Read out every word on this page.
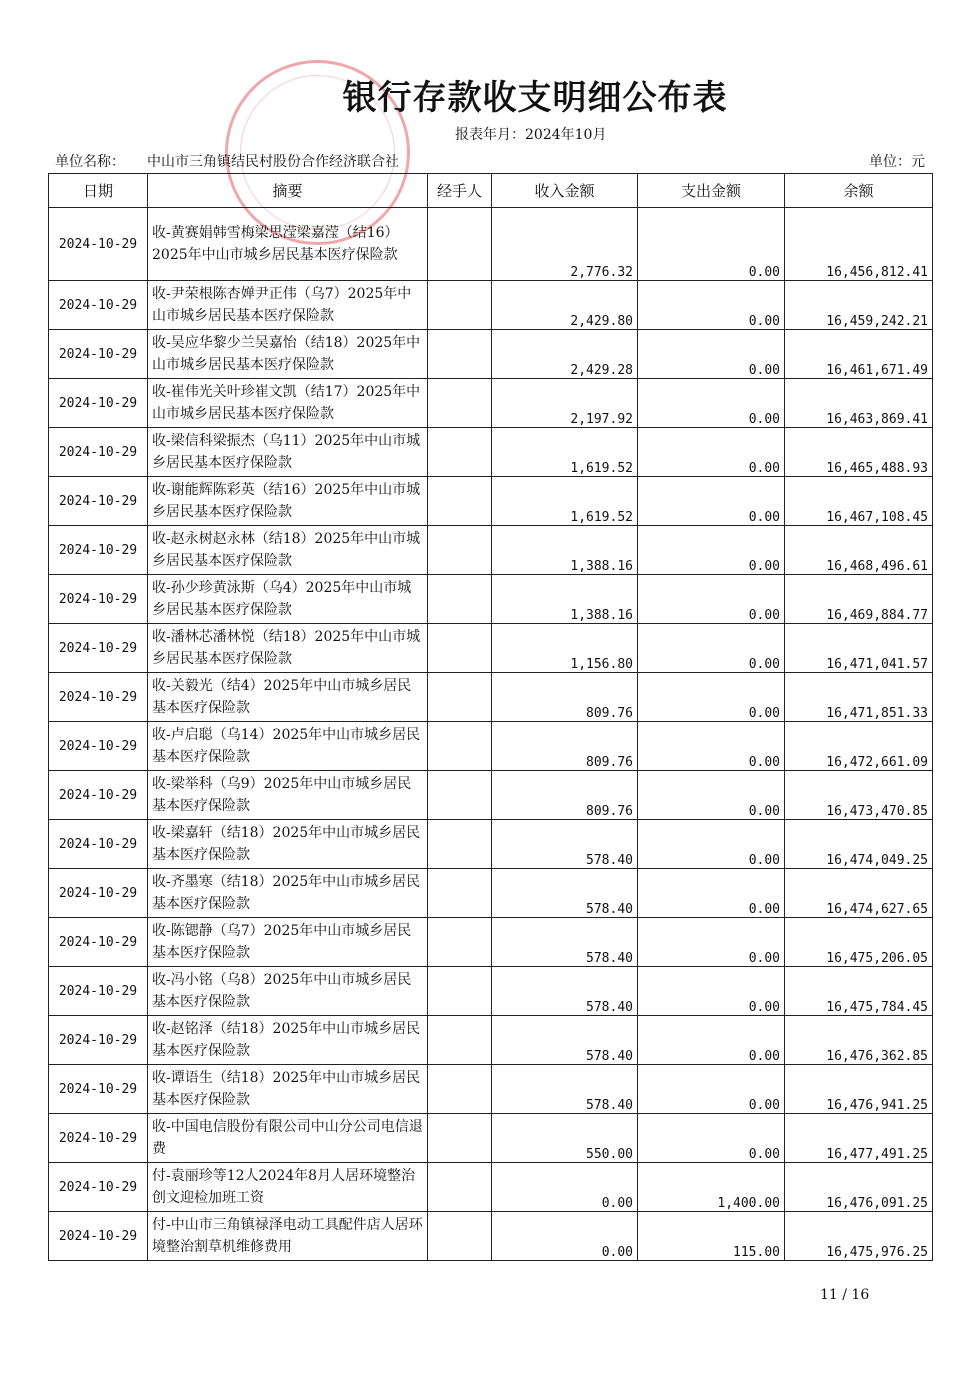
银行存款收支明细公布表
报表年月：2024年10月
单位名称： 中山市三角镇结民村股份合作经济联合社	单位：元
日期	摘要	经手人	收入金额	支出金额	余额
2024-10-29	收-黄赛娟韩雪梅梁思滢梁嘉滢（结16）2025年中山市城乡居民基本医疗保险款		2,776.32	0.00	16,456,812.41
2024-10-29	收-尹荣根陈杏婵尹正伟（乌7）2025年中山市城乡居民基本医疗保险款		2,429.80	0.00	16,459,242.21
2024-10-29	收-吴应华黎少兰吴嘉怡（结18）2025年中山市城乡居民基本医疗保险款		2,429.28	0.00	16,461,671.49
2024-10-29	收-崔伟光关叶珍崔文凯（结17）2025年中山市城乡居民基本医疗保险款		2,197.92	0.00	16,463,869.41
2024-10-29	收-梁信科梁振杰（乌11）2025年中山市城乡居民基本医疗保险款		1,619.52	0.00	16,465,488.93
2024-10-29	收-谢能辉陈彩英（结16）2025年中山市城乡居民基本医疗保险款		1,619.52	0.00	16,467,108.45
2024-10-29	收-赵永树赵永林（结18）2025年中山市城乡居民基本医疗保险款		1,388.16	0.00	16,468,496.61
2024-10-29	收-孙少珍黄泳斯（乌4）2025年中山市城乡居民基本医疗保险款		1,388.16	0.00	16,469,884.77
2024-10-29	收-潘林芯潘林悦（结18）2025年中山市城乡居民基本医疗保险款		1,156.80	0.00	16,471,041.57
2024-10-29	收-关毅光（结4）2025年中山市城乡居民基本医疗保险款		809.76	0.00	16,471,851.33
2024-10-29	收-卢启聪（乌14）2025年中山市城乡居民基本医疗保险款		809.76	0.00	16,472,661.09
2024-10-29	收-梁举科（乌9）2025年中山市城乡居民基本医疗保险款		809.76	0.00	16,473,470.85
2024-10-29	收-梁嘉轩（结18）2025年中山市城乡居民基本医疗保险款		578.40	0.00	16,474,049.25
2024-10-29	收-齐墨寒（结18）2025年中山市城乡居民基本医疗保险款		578.40	0.00	16,474,627.65
2024-10-29	收-陈锶静（乌7）2025年中山市城乡居民基本医疗保险款		578.40	0.00	16,475,206.05
2024-10-29	收-冯小铭（乌8）2025年中山市城乡居民基本医疗保险款		578.40	0.00	16,475,784.45
2024-10-29	收-赵铭泽（结18）2025年中山市城乡居民基本医疗保险款		578.40	0.00	16,476,362.85
2024-10-29	收-谭语生（结18）2025年中山市城乡居民基本医疗保险款		578.40	0.00	16,476,941.25
2024-10-29	收-中国电信股份有限公司中山分公司电信退费		550.00	0.00	16,477,491.25
2024-10-29	付-袁丽珍等12人2024年8月人居环境整治创文迎检加班工资		0.00	1,400.00	16,476,091.25
2024-10-29	付-中山市三角镇禄泽电动工具配件店人居环境整治割草机维修费用		0.00	115.00	16,475,976.25
11 / 16
